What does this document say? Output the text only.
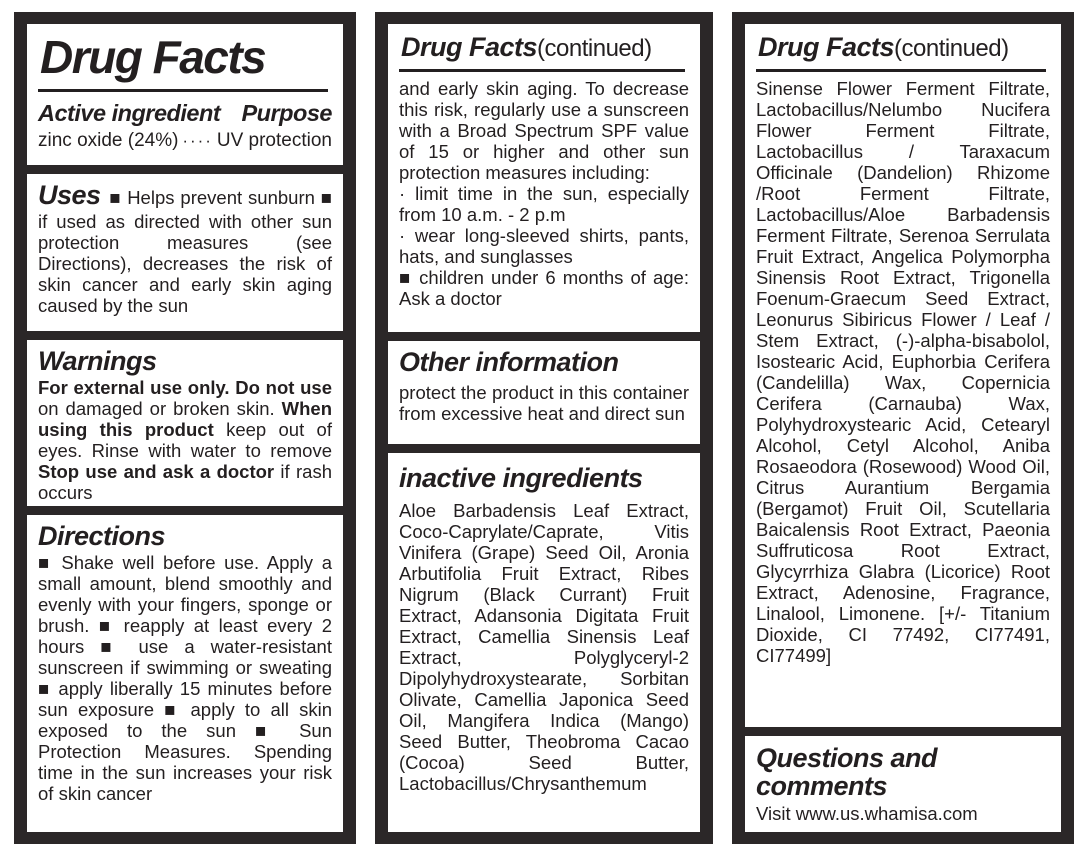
Drug Facts
Active ingredient Purpose
zinc oxide (24%) ···· UV protection

Uses ■ Helps prevent sunburn ■ if used as directed with other sun protection measures (see Directions), decreases the risk of skin cancer and early skin aging caused by the sun

Warnings

For external use only. Do not use on damaged or broken skin. When using this product keep out of eyes. Rinse with water to remove Stop use and ask a doctor if rash occurs

Directions

■ Shake well before use. Apply a small amount, blend smoothly and evenly with your fingers, sponge or brush. ■ reapply at least every 2 hours ■ use a water-resistant sunscreen if swimming or sweating ■ apply liberally 15 minutes before sun exposure ■ apply to all skin exposed to the sun ■ Sun Protection Measures. Spending time in the sun increases your risk of skin cancer

Drug Facts(continued)

and early skin aging. To decrease this risk, regularly use a sunscreen with a Broad Spectrum SPF value of 15 or higher and other sun protection measures including:

· limit time in the sun, especially from 10 a.m. - 2 p.m

· wear long-sleeved shirts, pants, hats, and sunglasses

■ children under 6 months of age: Ask a doctor

Other information

protect the product in this container from excessive heat and direct sun

inactive ingredients

Aloe Barbadensis Leaf Extract, Coco-Caprylate/Caprate, Vitis Vinifera (Grape) Seed Oil, Aronia Arbutifolia Fruit Extract, Ribes Nigrum (Black Currant) Fruit Extract, Adansonia Digitata Fruit Extract, Camellia Sinensis Leaf Extract, Polyglyceryl-2 Dipolyhydroxystearate, Sorbitan Olivate, Camellia Japonica Seed Oil, Mangifera Indica (Mango) Seed Butter, Theobroma Cacao (Cocoa) Seed Butter, Lactobacillus/Chrysanthemum

Drug Facts(continued)

Sinense Flower Ferment Filtrate, Lactobacillus/Nelumbo Nucifera Flower Ferment Filtrate, Lactobacillus / Taraxacum Officinale (Dandelion) Rhizome /Root Ferment Filtrate, Lactobacillus/Aloe Barbadensis Ferment Filtrate, Serenoa Serrulata Fruit Extract, Angelica Polymorpha Sinensis Root Extract, Trigonella Foenum-Graecum Seed Extract, Leonurus Sibiricus Flower / Leaf / Stem Extract, (-)-alpha-bisabolol, Isostearic Acid, Euphorbia Cerifera (Candelilla) Wax, Copernicia Cerifera (Carnauba) Wax, Polyhydroxystearic Acid, Cetearyl Alcohol, Cetyl Alcohol, Aniba Rosaeodora (Rosewood) Wood Oil, Citrus Aurantium Bergamia (Bergamot) Fruit Oil, Scutellaria Baicalensis Root Extract, Paeonia Suffruticosa Root Extract, Glycyrrhiza Glabra (Licorice) Root Extract, Adenosine, Fragrance, Linalool, Limonene. [+/- Titanium Dioxide, CI 77492, CI77491, CI77499]

Questions and
comments

Visit www.us.whamisa.com
